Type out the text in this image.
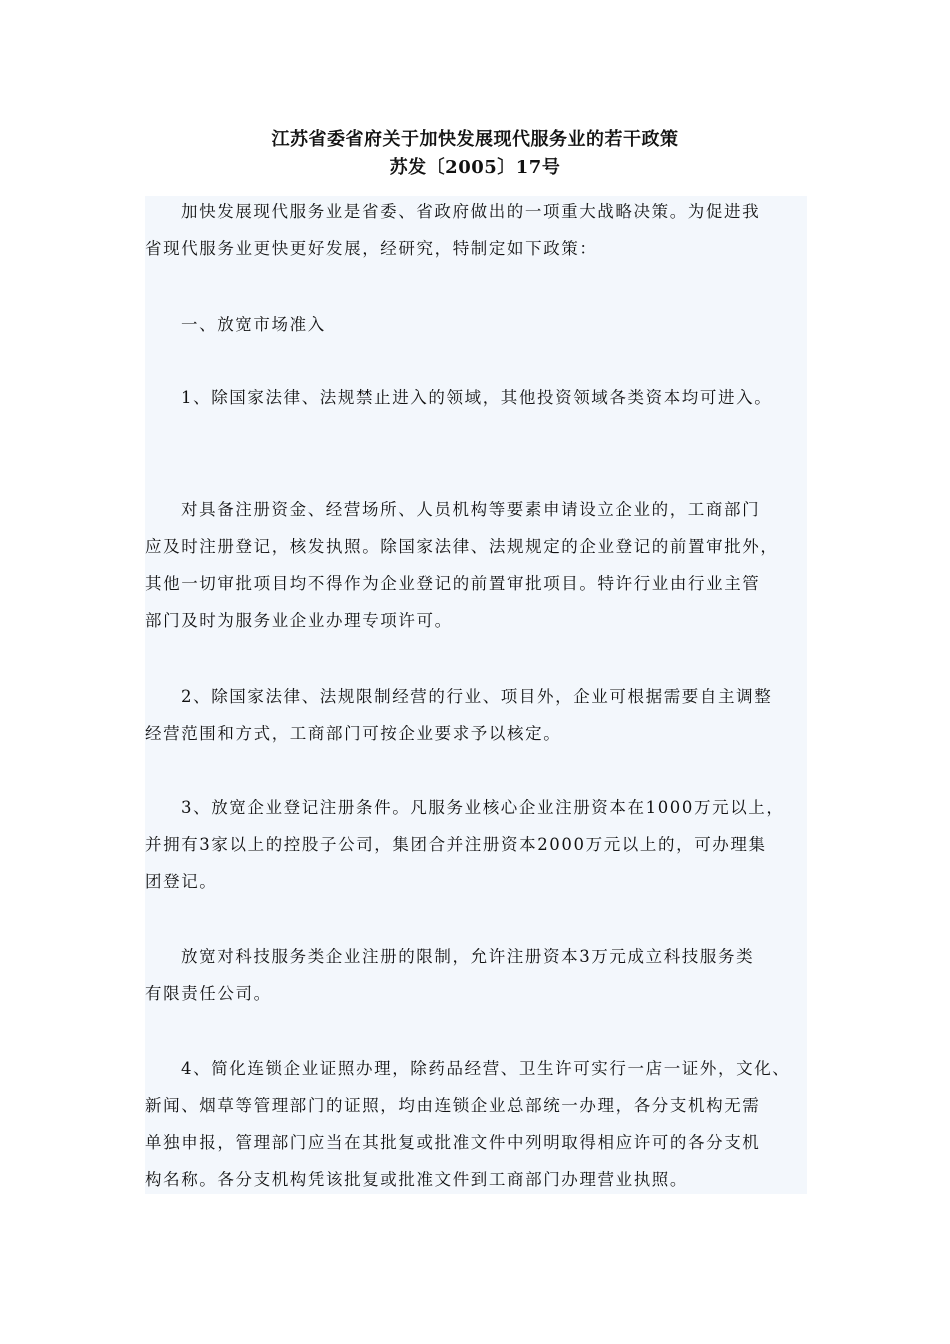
江苏省委省府关于加快发展现代服务业的若干政策
苏发〔2005〕17号
加快发展现代服务业是省委、省政府做出的一项重大战略决策。为促进我
省现代服务业更快更好发展，经研究，特制定如下政策：
一、放宽市场准入
1、除国家法律、法规禁止进入的领域，其他投资领域各类资本均可进入。
对具备注册资金、经营场所、人员机构等要素申请设立企业的，工商部门
应及时注册登记，核发执照。除国家法律、法规规定的企业登记的前置审批外，
其他一切审批项目均不得作为企业登记的前置审批项目。特许行业由行业主管
部门及时为服务业企业办理专项许可。
2、除国家法律、法规限制经营的行业、项目外，企业可根据需要自主调整
经营范围和方式，工商部门可按企业要求予以核定。
3、放宽企业登记注册条件。凡服务业核心企业注册资本在1000万元以上，
并拥有3家以上的控股子公司，集团合并注册资本2000万元以上的，可办理集
团登记。
放宽对科技服务类企业注册的限制，允许注册资本3万元成立科技服务类
有限责任公司。
4、简化连锁企业证照办理，除药品经营、卫生许可实行一店一证外，文化、
新闻、烟草等管理部门的证照，均由连锁企业总部统一办理，各分支机构无需
单独申报，管理部门应当在其批复或批准文件中列明取得相应许可的各分支机
构名称。各分支机构凭该批复或批准文件到工商部门办理营业执照。
